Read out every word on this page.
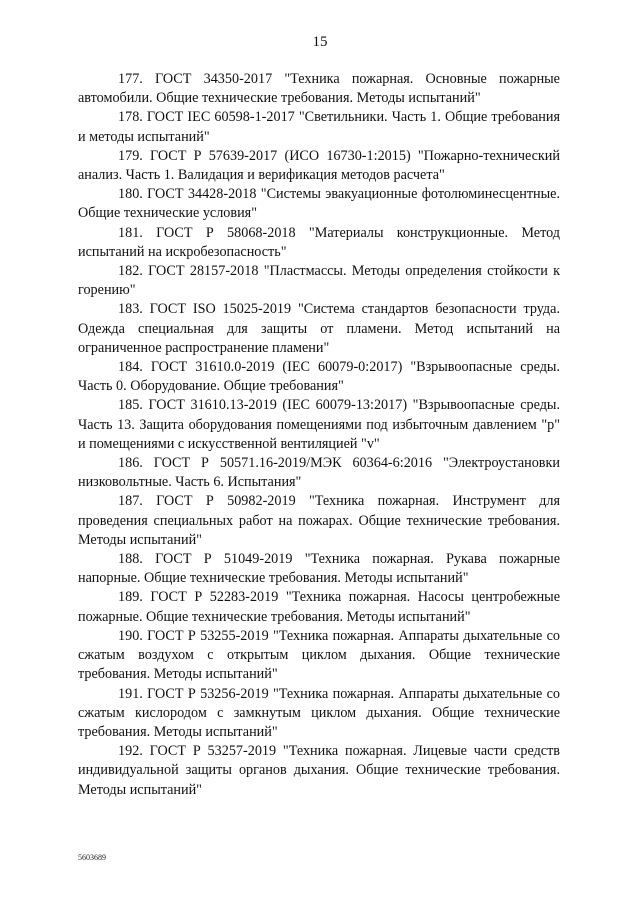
15

177. ГОСТ 34350-2017 "Техника пожарная. Основные пожарные автомобили. Общие технические требования. Методы испытаний"

178. ГОСТ IEC 60598-1-2017 "Светильники. Часть 1. Общие требования и методы испытаний"

179. ГОСТ Р 57639-2017 (ИСО 16730-1:2015) "Пожарно-технический анализ. Часть 1. Валидация и верификация методов расчета"

180. ГОСТ 34428-2018 "Системы эвакуационные фотолюминесцентные. Общие технические условия"

181. ГОСТ Р 58068-2018 "Материалы конструкционные. Метод испытаний на искробезопасность"

182. ГОСТ 28157-2018 "Пластмассы. Методы определения стойкости к горению"

183. ГОСТ ISO 15025-2019 "Система стандартов безопасности труда. Одежда специальная для защиты от пламени. Метод испытаний на ограниченное распространение пламени"

184. ГОСТ 31610.0-2019 (IEC 60079-0:2017) "Взрывоопасные среды. Часть 0. Оборудование. Общие требования"

185. ГОСТ 31610.13-2019 (IEC 60079-13:2017) "Взрывоопасные среды. Часть 13. Защита оборудования помещениями под избыточным давлением "р" и помещениями с искусственной вентиляцией "v"

186. ГОСТ Р 50571.16-2019/МЭК 60364-6:2016 "Электроустановки низковольтные. Часть 6. Испытания"

187. ГОСТ Р 50982-2019 "Техника пожарная. Инструмент для проведения специальных работ на пожарах. Общие технические требования. Методы испытаний"

188. ГОСТ Р 51049-2019 "Техника пожарная. Рукава пожарные напорные. Общие технические требования. Методы испытаний"

189. ГОСТ Р 52283-2019 "Техника пожарная. Насосы центробежные пожарные. Общие технические требования. Методы испытаний"

190. ГОСТ Р 53255-2019 "Техника пожарная. Аппараты дыхательные со сжатым воздухом с открытым циклом дыхания. Общие технические требования. Методы испытаний"

191. ГОСТ Р 53256-2019 "Техника пожарная. Аппараты дыхательные со сжатым кислородом с замкнутым циклом дыхания. Общие технические требования. Методы испытаний"

192. ГОСТ Р 53257-2019 "Техника пожарная. Лицевые части средств индивидуальной защиты органов дыхания. Общие технические требования. Методы испытаний"

5603689
